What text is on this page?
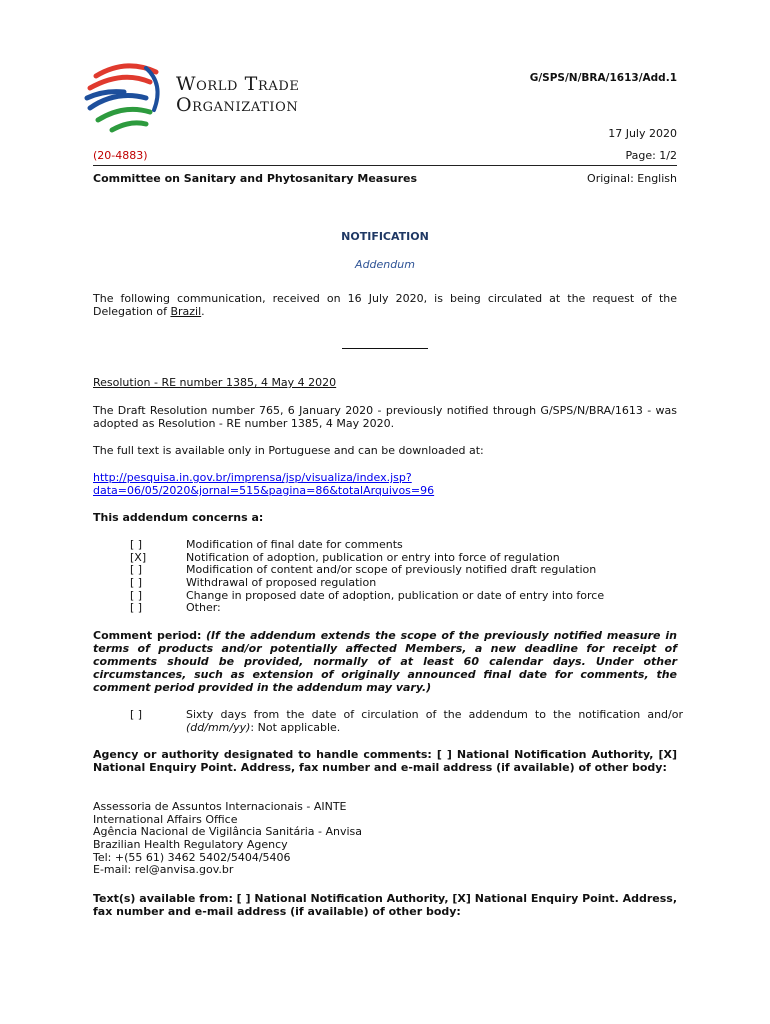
World Trade
Organization
G/SPS/N/BRA/1613/Add.1
17 July 2020
(20-4883)	Page: 1/2
Committee on Sanitary and Phytosanitary Measures	Original: English
NOTIFICATION
Addendum
The following communication, received on 16 July 2020, is being circulated at the request of the Delegation of Brazil.
Resolution - RE number 1385, 4 May 4 2020
The Draft Resolution number 765, 6 January 2020 - previously notified through G/SPS/N/BRA/1613 - was adopted as Resolution - RE number 1385, 4 May 2020.
The full text is available only in Portuguese and can be downloaded at:
http://pesquisa.in.gov.br/imprensa/jsp/visualiza/index.jsp?
data=06/05/2020&jornal=515&pagina=86&totalArquivos=96
This addendum concerns a:
[ ]	Modification of final date for comments
[X]	Notification of adoption, publication or entry into force of regulation
[ ]	Modification of content and/or scope of previously notified draft regulation
[ ]	Withdrawal of proposed regulation
[ ]	Change in proposed date of adoption, publication or date of entry into force
[ ]	Other:
Comment period: (If the addendum extends the scope of the previously notified measure in terms of products and/or potentially affected Members, a new deadline for receipt of comments should be provided, normally of at least 60 calendar days. Under other circumstances, such as extension of originally announced final date for comments, the comment period provided in the addendum may vary.)
[ ]	Sixty days from the date of circulation of the addendum to the notification and/or (dd/mm/yy): Not applicable.
Agency or authority designated to handle comments: [ ] National Notification Authority, [X] National Enquiry Point. Address, fax number and e-mail address (if available) of other body:
Assessoria de Assuntos Internacionais - AINTE
International Affairs Office
Agência Nacional de Vigilância Sanitária - Anvisa
Brazilian Health Regulatory Agency
Tel: +(55 61) 3462 5402/5404/5406
E-mail: rel@anvisa.gov.br
Text(s) available from: [ ] National Notification Authority, [X] National Enquiry Point. Address, fax number and e-mail address (if available) of other body:
